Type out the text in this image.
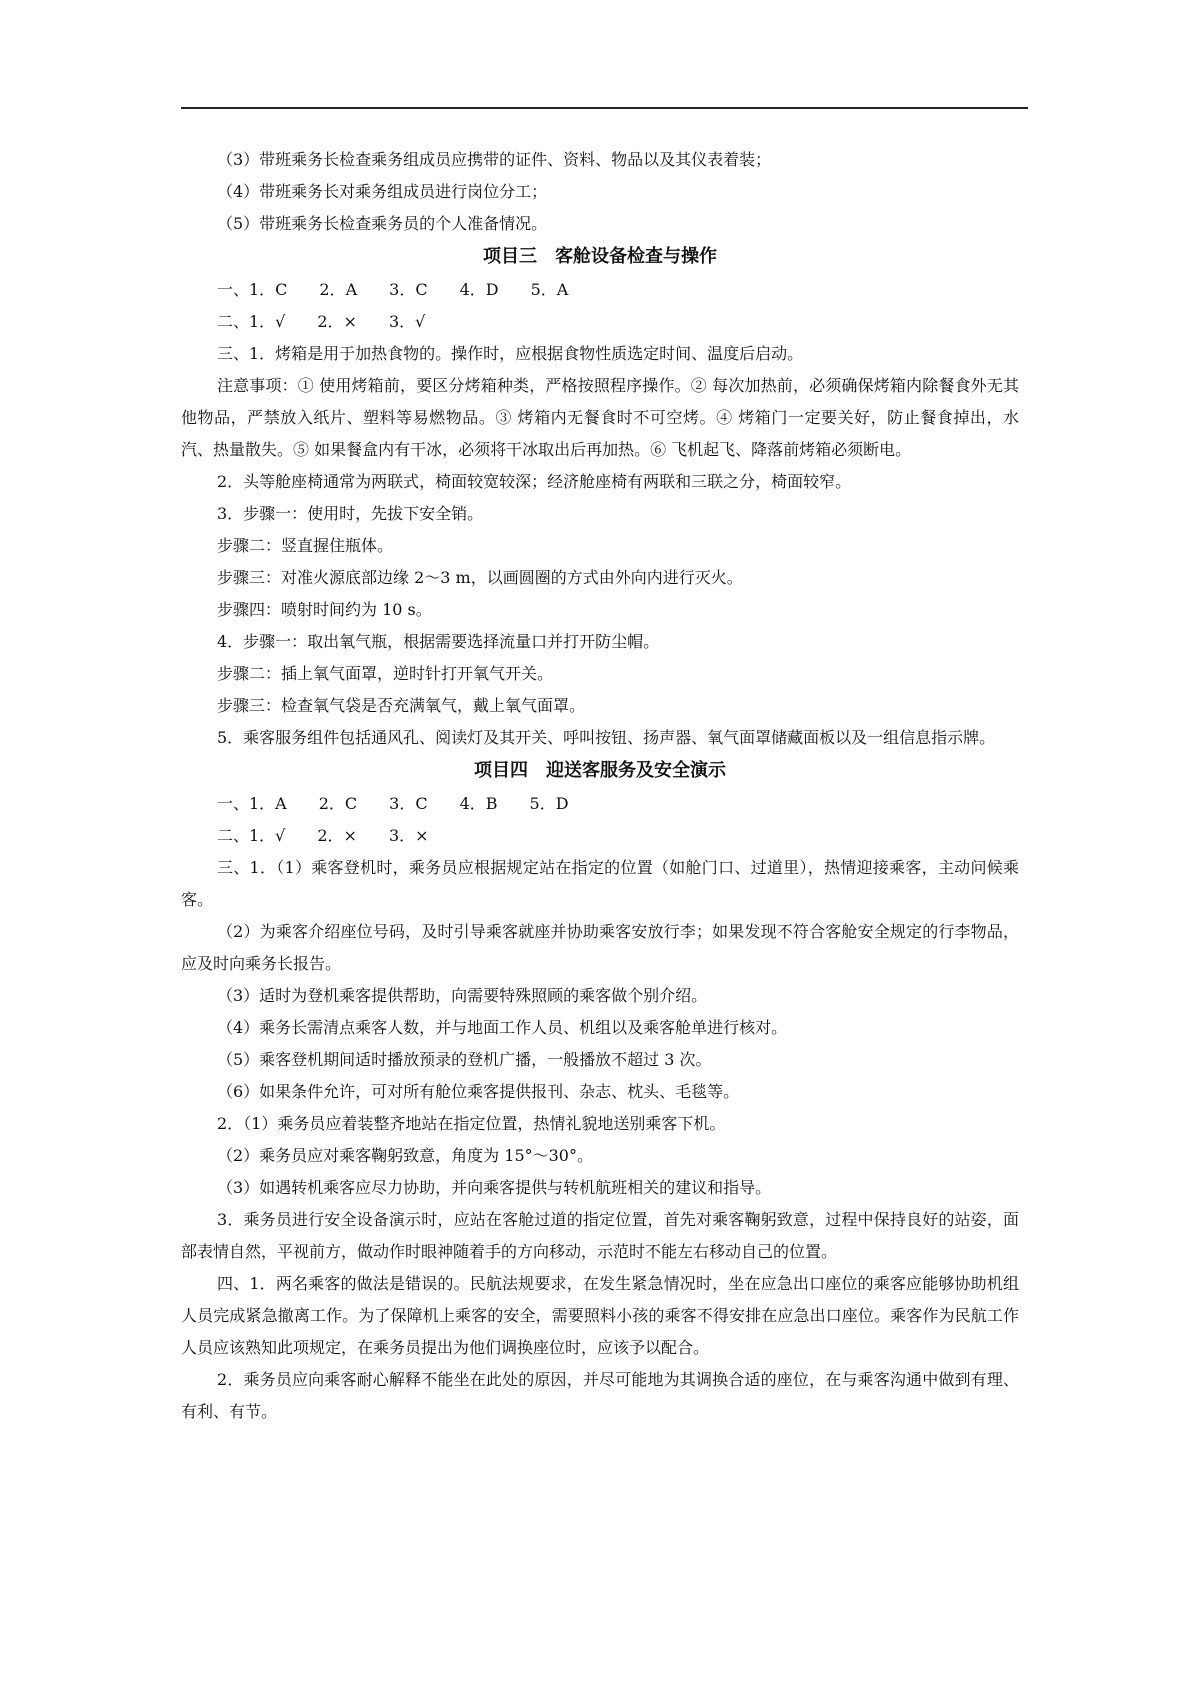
（3）带班乘务长检查乘务组成员应携带的证件、资料、物品以及其仪表着装；

（4）带班乘务长对乘务组成员进行岗位分工；

（5）带班乘务长检查乘务员的个人准备情况。

项目三　客舱设备检查与操作

一、1．C　　2．A　　3．C　　4．D　　5．A

二、1．√　　2．×　　3．√

三、1．烤箱是用于加热食物的。操作时，应根据食物性质选定时间、温度后启动。

注意事项：① 使用烤箱前，要区分烤箱种类，严格按照程序操作。② 每次加热前，必须确保烤箱内除餐食外无其他物品，严禁放入纸片、塑料等易燃物品。③ 烤箱内无餐食时不可空烤。④ 烤箱门一定要关好，防止餐食掉出，水汽、热量散失。⑤ 如果餐盒内有干冰，必须将干冰取出后再加热。⑥ 飞机起飞、降落前烤箱必须断电。

2．头等舱座椅通常为两联式，椅面较宽较深；经济舱座椅有两联和三联之分，椅面较窄。

3．步骤一：使用时，先拔下安全销。

步骤二：竖直握住瓶体。

步骤三：对准火源底部边缘 2～3 m，以画圆圈的方式由外向内进行灭火。

步骤四：喷射时间约为 10 s。

4．步骤一：取出氧气瓶，根据需要选择流量口并打开防尘帽。

步骤二：插上氧气面罩，逆时针打开氧气开关。

步骤三：检查氧气袋是否充满氧气，戴上氧气面罩。

5．乘客服务组件包括通风孔、阅读灯及其开关、呼叫按钮、扬声器、氧气面罩储藏面板以及一组信息指示牌。

项目四　迎送客服务及安全演示

一、1．A　　2．C　　3．C　　4．B　　5．D

二、1．√　　2．×　　3．×

三、1．（1）乘客登机时，乘务员应根据规定站在指定的位置（如舱门口、过道里），热情迎接乘客，主动问候乘客。

（2）为乘客介绍座位号码，及时引导乘客就座并协助乘客安放行李；如果发现不符合客舱安全规定的行李物品，应及时向乘务长报告。

（3）适时为登机乘客提供帮助，向需要特殊照顾的乘客做个别介绍。

（4）乘务长需清点乘客人数，并与地面工作人员、机组以及乘客舱单进行核对。

（5）乘客登机期间适时播放预录的登机广播，一般播放不超过 3 次。

（6）如果条件允许，可对所有舱位乘客提供报刊、杂志、枕头、毛毯等。

2．（1）乘务员应着装整齐地站在指定位置，热情礼貌地送别乘客下机。

（2）乘务员应对乘客鞠躬致意，角度为 15°～30°。

（3）如遇转机乘客应尽力协助，并向乘客提供与转机航班相关的建议和指导。

3．乘务员进行安全设备演示时，应站在客舱过道的指定位置，首先对乘客鞠躬致意，过程中保持良好的站姿，面部表情自然，平视前方，做动作时眼神随着手的方向移动，示范时不能左右移动自己的位置。

四、1．两名乘客的做法是错误的。民航法规要求，在发生紧急情况时，坐在应急出口座位的乘客应能够协助机组人员完成紧急撤离工作。为了保障机上乘客的安全，需要照料小孩的乘客不得安排在应急出口座位。乘客作为民航工作人员应该熟知此项规定，在乘务员提出为他们调换座位时，应该予以配合。

2．乘务员应向乘客耐心解释不能坐在此处的原因，并尽可能地为其调换合适的座位，在与乘客沟通中做到有理、有利、有节。
